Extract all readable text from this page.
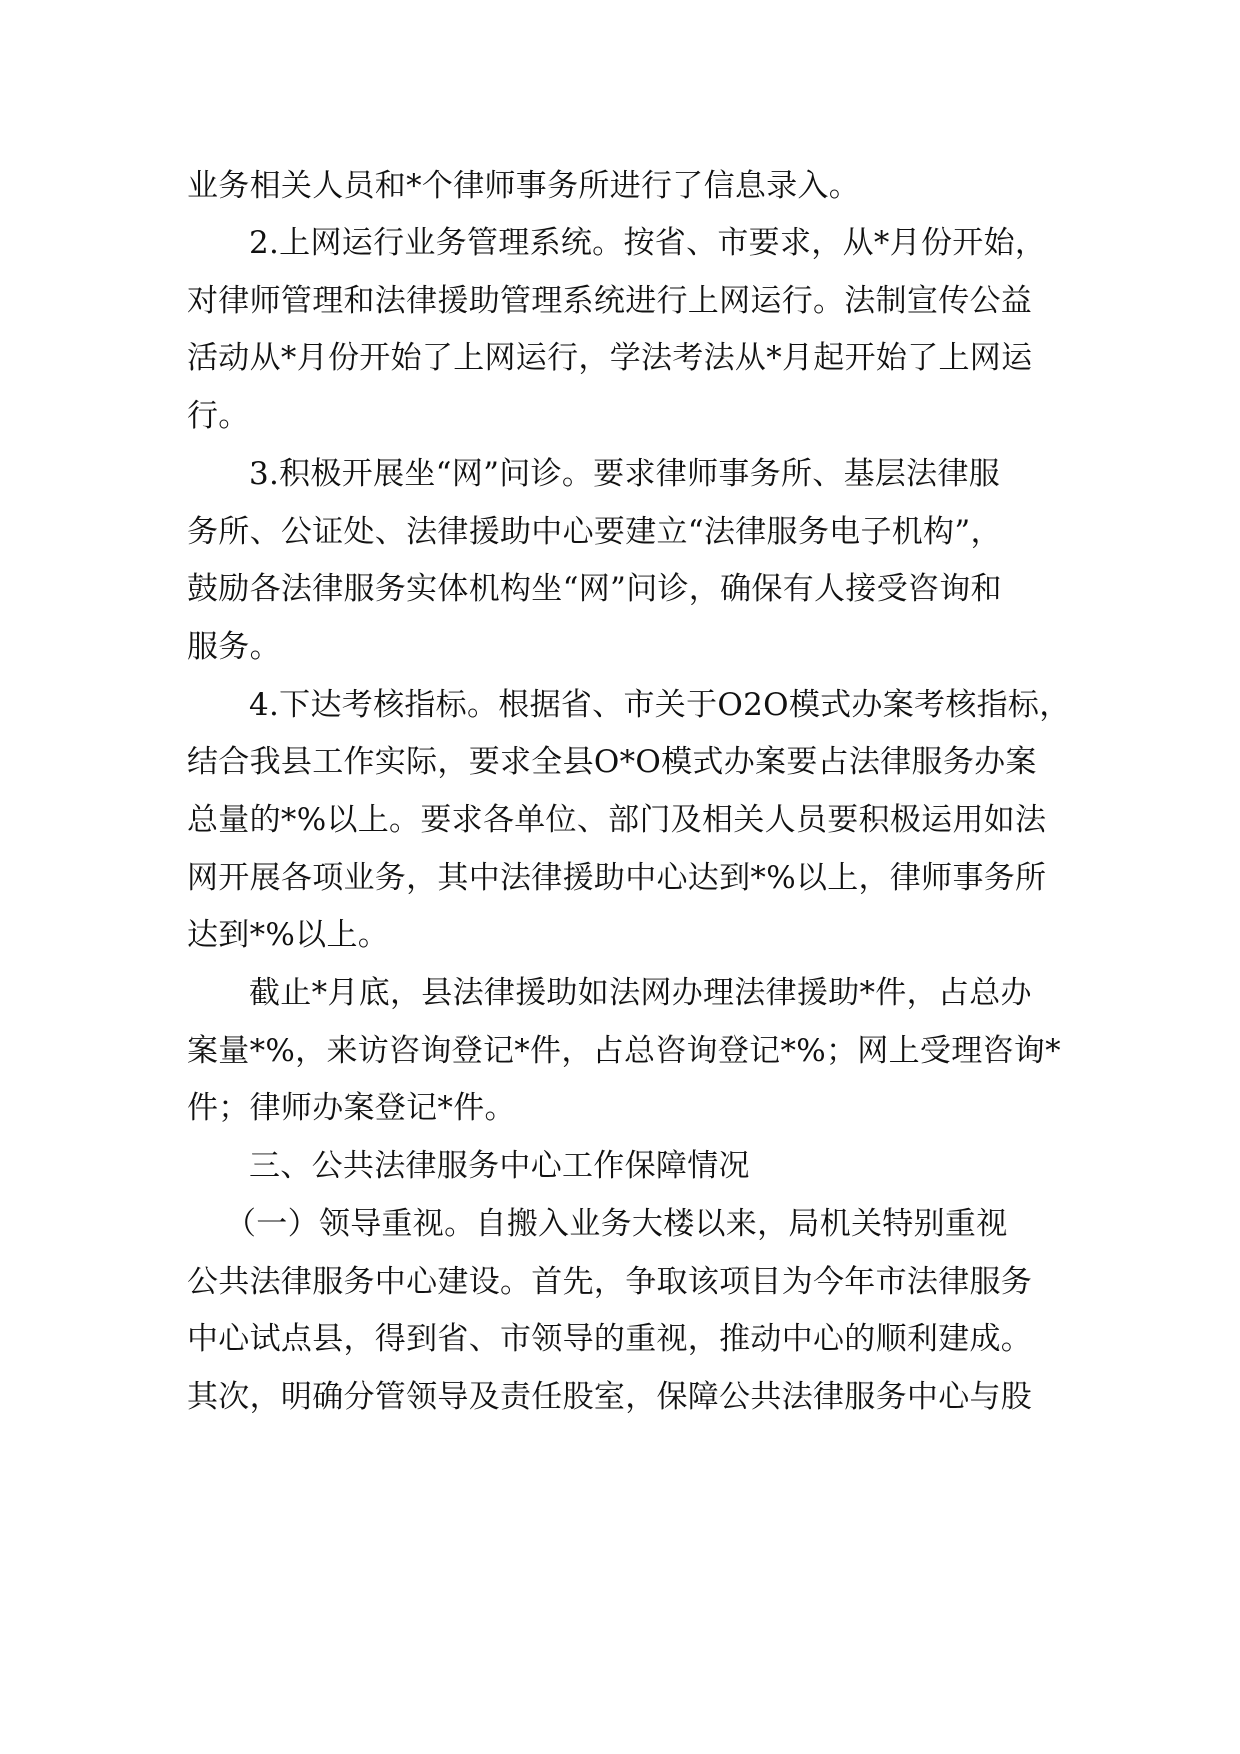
业务相关人员和*个律师事务所进行了信息录入。
2.上网运行业务管理系统。按省、市要求，从*月份开始，
对律师管理和法律援助管理系统进行上网运行。法制宣传公益
活动从*月份开始了上网运行，学法考法从*月起开始了上网运
行。
3.积极开展坐“网”问诊。要求律师事务所、基层法律服
务所、公证处、法律援助中心要建立“法律服务电子机构”，
鼓励各法律服务实体机构坐“网”问诊，确保有人接受咨询和
服务。
4.下达考核指标。根据省、市关于O2O模式办案考核指标，
结合我县工作实际，要求全县O*O模式办案要占法律服务办案
总量的*%以上。要求各单位、部门及相关人员要积极运用如法
网开展各项业务，其中法律援助中心达到*%以上，律师事务所
达到*%以上。
截止*月底，县法律援助如法网办理法律援助*件，占总办
案量*%，来访咨询登记*件，占总咨询登记*%；网上受理咨询*
件；律师办案登记*件。
三、公共法律服务中心工作保障情况
（一）领导重视。自搬入业务大楼以来，局机关特别重视
公共法律服务中心建设。首先，争取该项目为今年市法律服务
中心试点县，得到省、市领导的重视，推动中心的顺利建成。
其次，明确分管领导及责任股室，保障公共法律服务中心与股
